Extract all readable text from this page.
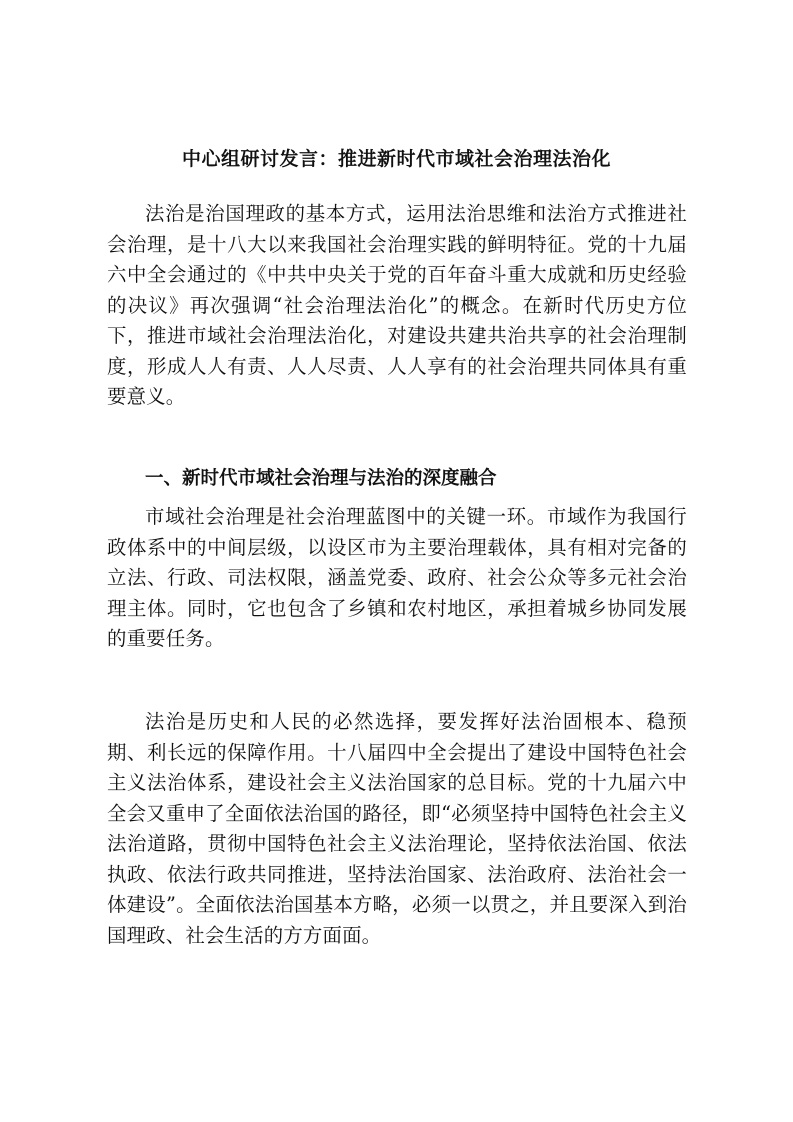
中心组研讨发言：推进新时代市域社会治理法治化
法治是治国理政的基本方式，运用法治思维和法治方式推进社会治理，是十八大以来我国社会治理实践的鲜明特征。党的十九届六中全会通过的《中共中央关于党的百年奋斗重大成就和历史经验的决议》再次强调“社会治理法治化”的概念。在新时代历史方位下，推进市域社会治理法治化，对建设共建共治共享的社会治理制度，形成人人有责、人人尽责、人人享有的社会治理共同体具有重要意义。
一、新时代市域社会治理与法治的深度融合
市域社会治理是社会治理蓝图中的关键一环。市域作为我国行政体系中的中间层级，以设区市为主要治理载体，具有相对完备的立法、行政、司法权限，涵盖党委、政府、社会公众等多元社会治理主体。同时，它也包含了乡镇和农村地区，承担着城乡协同发展的重要任务。
法治是历史和人民的必然选择，要发挥好法治固根本、稳预期、利长远的保障作用。十八届四中全会提出了建设中国特色社会主义法治体系，建设社会主义法治国家的总目标。党的十九届六中全会又重申了全面依法治国的路径，即“必须坚持中国特色社会主义法治道路，贯彻中国特色社会主义法治理论，坚持依法治国、依法执政、依法行政共同推进，坚持法治国家、法治政府、法治社会一体建设”。全面依法治国基本方略，必须一以贯之，并且要深入到治国理政、社会生活的方方面面。
